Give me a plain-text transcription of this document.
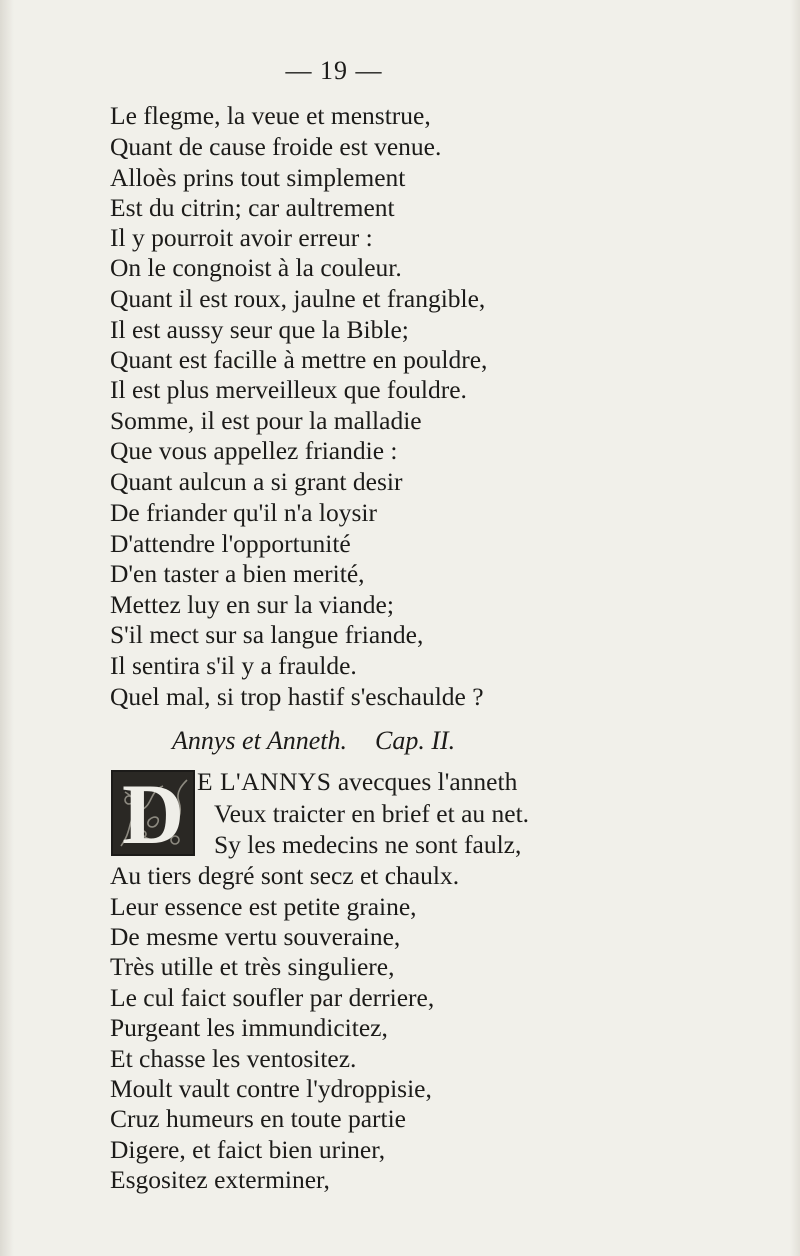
— 19 —
Le flegme, la veue et menstrue,
Quant de cause froide est venue.
Alloès prins tout simplement
Est du citrin; car aultrement
Il y pourroit avoir erreur :
On le congnoist à la couleur.
Quant il est roux, jaulne et frangible,
Il est aussy seur que la Bible;
Quant est facille à mettre en pouldre,
Il est plus merveilleux que fouldre.
Somme, il est pour la malladie
Que vous appellez friandie :
Quant aulcun a si grant desir
De friander qu'il n'a loysir
D'attendre l'opportunité
D'en taster a bien merité,
Mettez luy en sur la viande;
S'il mect sur sa langue friande,
Il sentira s'il y a fraulde.
Quel mal, si trop hastif s'eschaulde ?
Annys et Anneth. Cap. II.
D E L'ANNYS avecques l'anneth
Veux traicter en brief et au net.
Sy les medecins ne sont faulz,
Au tiers degré sont secz et chaulx.
Leur essence est petite graine,
De mesme vertu souveraine,
Très utille et très singuliere,
Le cul faict soufler par derriere,
Purgeant les immundicitez,
Et chasse les ventositez.
Moult vault contre l'ydroppisie,
Cruz humeurs en toute partie
Digere, et faict bien uriner,
Esgositez exterminer,
